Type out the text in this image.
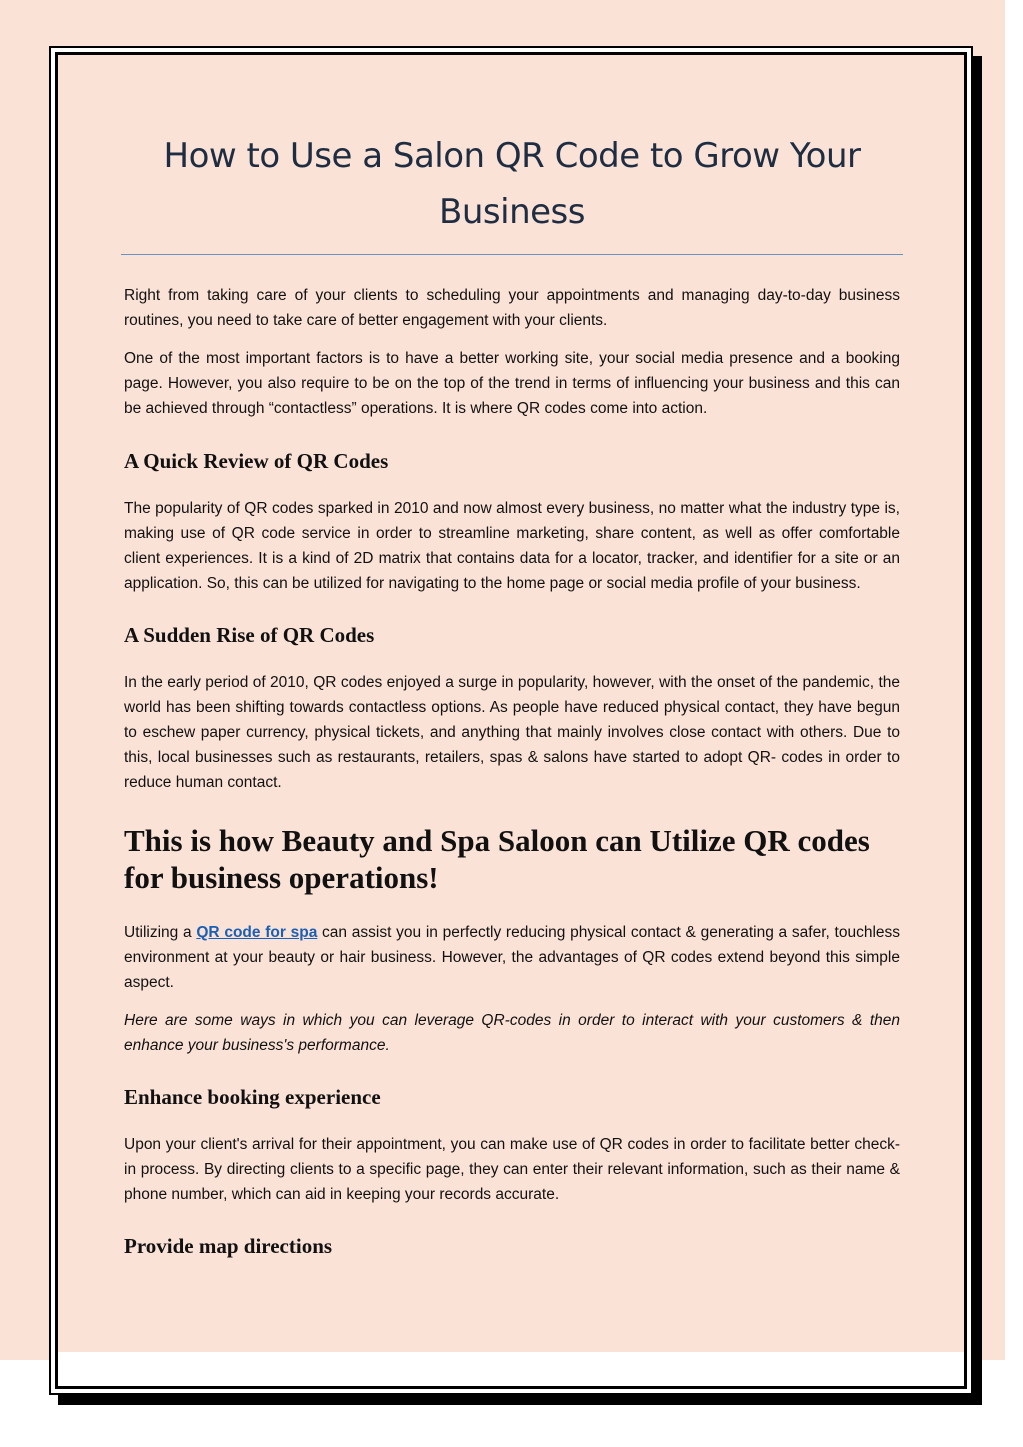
How to Use a Salon QR Code to Grow Your Business

Right from taking care of your clients to scheduling your appointments and managing day-to-day business routines, you need to take care of better engagement with your clients.

One of the most important factors is to have a better working site, your social media presence and a booking page. However, you also require to be on the top of the trend in terms of influencing your business and this can be achieved through “contactless” operations. It is where QR codes come into action.

A Quick Review of QR Codes

The popularity of QR codes sparked in 2010 and now almost every business, no matter what the industry type is, making use of QR code service in order to streamline marketing, share content, as well as offer comfortable client experiences. It is a kind of 2D matrix that contains data for a locator, tracker, and identifier for a site or an application. So, this can be utilized for navigating to the home page or social media profile of your business.

A Sudden Rise of QR Codes

In the early period of 2010, QR codes enjoyed a surge in popularity, however, with the onset of the pandemic, the world has been shifting towards contactless options. As people have reduced physical contact, they have begun to eschew paper currency, physical tickets, and anything that mainly involves close contact with others. Due to this, local businesses such as restaurants, retailers, spas & salons have started to adopt QR- codes in order to reduce human contact.

This is how Beauty and Spa Saloon can Utilize QR codes for business operations!

Utilizing a QR code for spa can assist you in perfectly reducing physical contact & generating a safer, touchless environment at your beauty or hair business. However, the advantages of QR codes extend beyond this simple aspect.

Here are some ways in which you can leverage QR-codes in order to interact with your customers & then enhance your business's performance.

Enhance booking experience

Upon your client's arrival for their appointment, you can make use of QR codes in order to facilitate better check-in process. By directing clients to a specific page, they can enter their relevant information, such as their name & phone number, which can aid in keeping your records accurate.

Provide map directions
